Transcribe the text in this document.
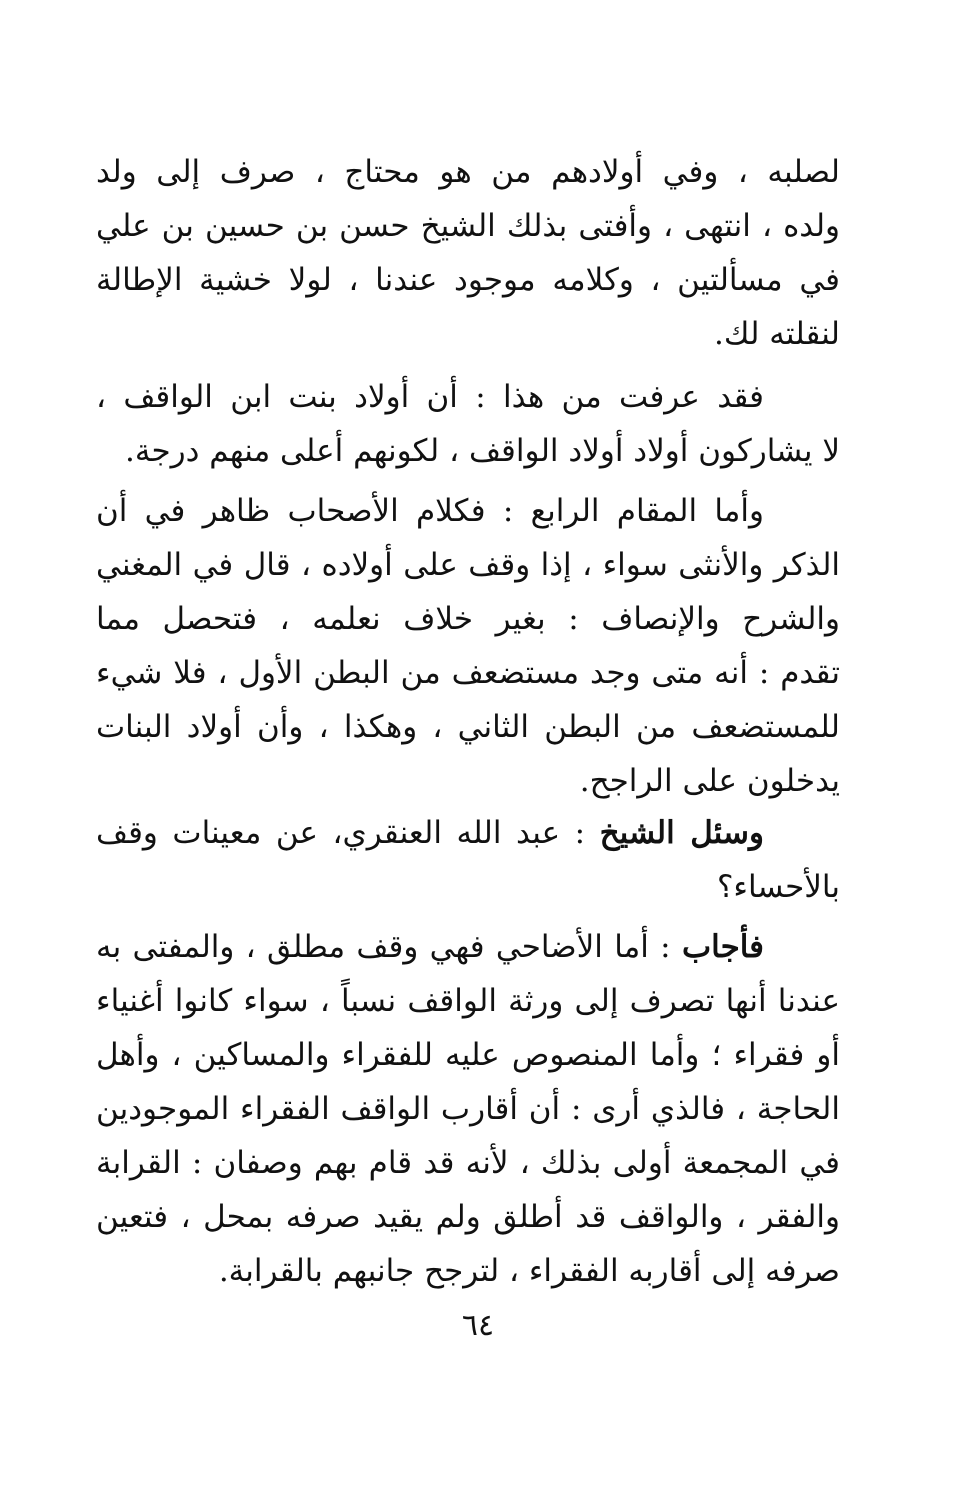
لصلبه ، وفي أولادهم من هو محتاج ، صرف إلى ولد
ولده ، انتهى ، وأفتى بذلك الشيخ حسن بن حسين بن علي
في مسألتين ، وكلامه موجود عندنا ، لولا خشية الإطالة
لنقلته لك.
فقد عرفت من هذا : أن أولاد بنت ابن الواقف ،
لا يشاركون أولاد أولاد الواقف ، لكونهم أعلى منهم درجة.
وأما المقام الرابع : فكلام الأصحاب ظاهر في أن
الذكر والأنثى سواء ، إذا وقف على أولاده ، قال في المغني
والشرح والإنصاف : بغير خلاف نعلمه ، فتحصل مما
تقدم : أنه متى وجد مستضعف من البطن الأول ، فلا شيء
للمستضعف من البطن الثاني ، وهكذا ، وأن أولاد البنات
يدخلون على الراجح.
وسئل الشيخ : عبد الله العنقري، عن معينات وقف
بالأحساء؟
فأجاب : أما الأضاحي فهي وقف مطلق ، والمفتى به
عندنا أنها تصرف إلى ورثة الواقف نسباً ، سواء كانوا أغنياء
أو فقراء ؛ وأما المنصوص عليه للفقراء والمساكين ، وأهل
الحاجة ، فالذي أرى : أن أقارب الواقف الفقراء الموجودين
في المجمعة أولى بذلك ، لأنه قد قام بهم وصفان : القرابة
والفقر ، والواقف قد أطلق ولم يقيد صرفه بمحل ، فتعين
صرفه إلى أقاربه الفقراء ، لترجح جانبهم بالقرابة.
٦٤
